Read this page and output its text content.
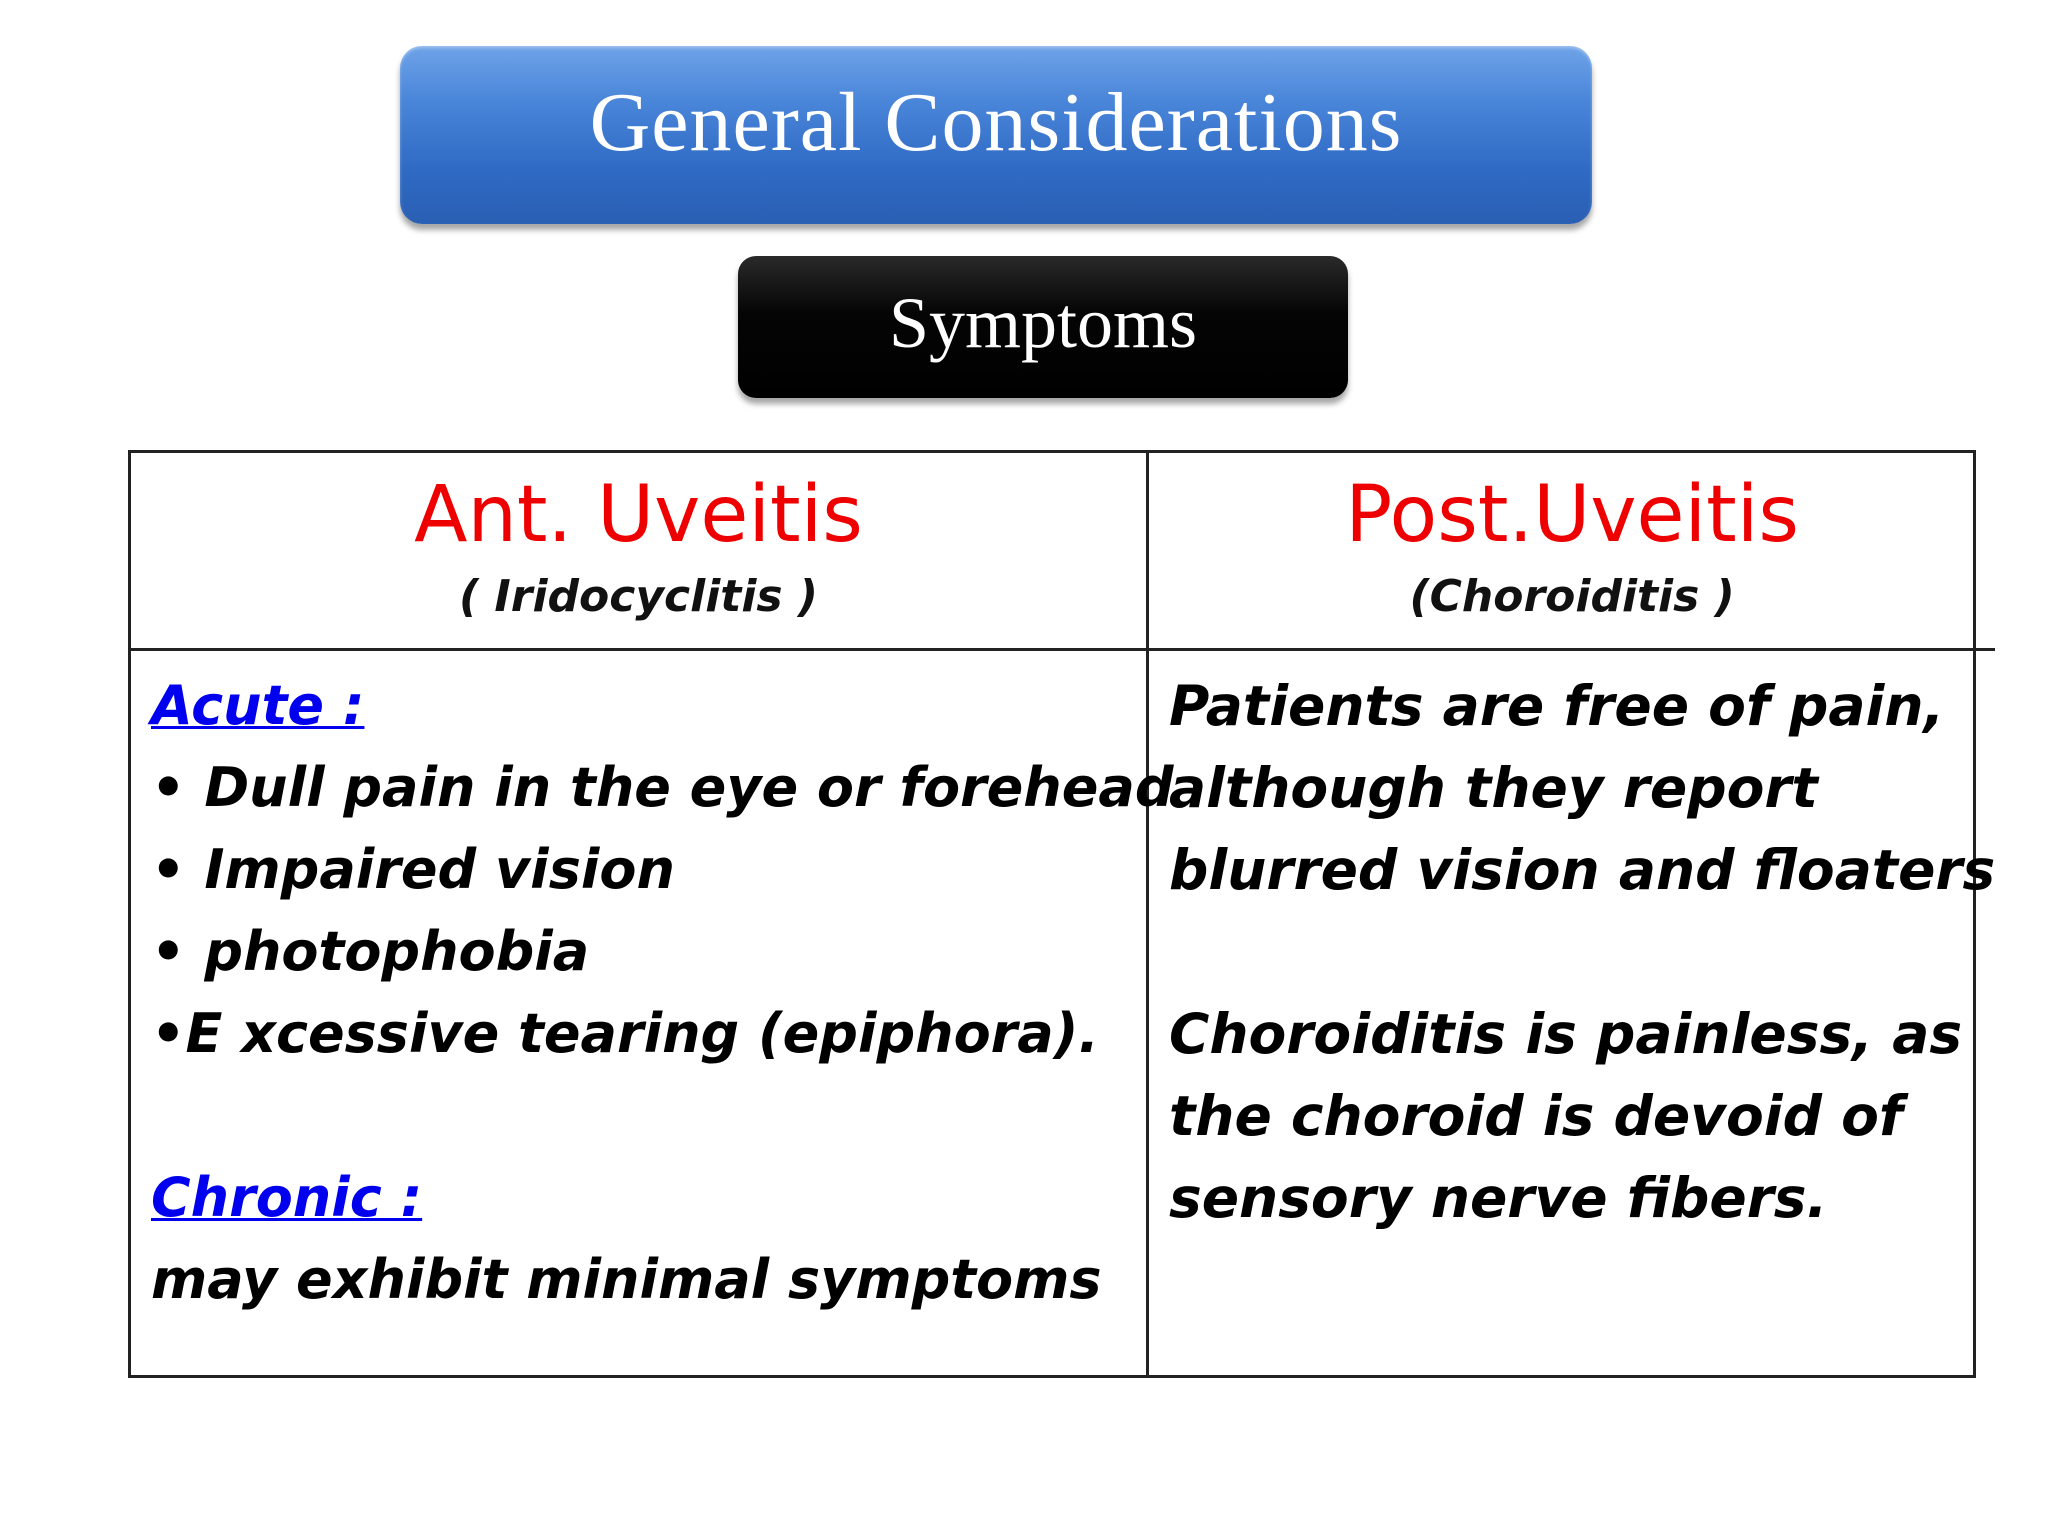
General Considerations
Symptoms
Ant. Uveitis
( Iridocyclitis )
Post.Uveitis
(Choroiditis )
Acute :
• Dull pain in the eye or forehead
• Impaired vision
• photophobia
•E xcessive tearing (epiphora).
Chronic :
may exhibit minimal symptoms
Patients are free of pain,
although they report
blurred vision and floaters
Choroiditis is painless, as
the choroid is devoid of
sensory nerve fibers.
